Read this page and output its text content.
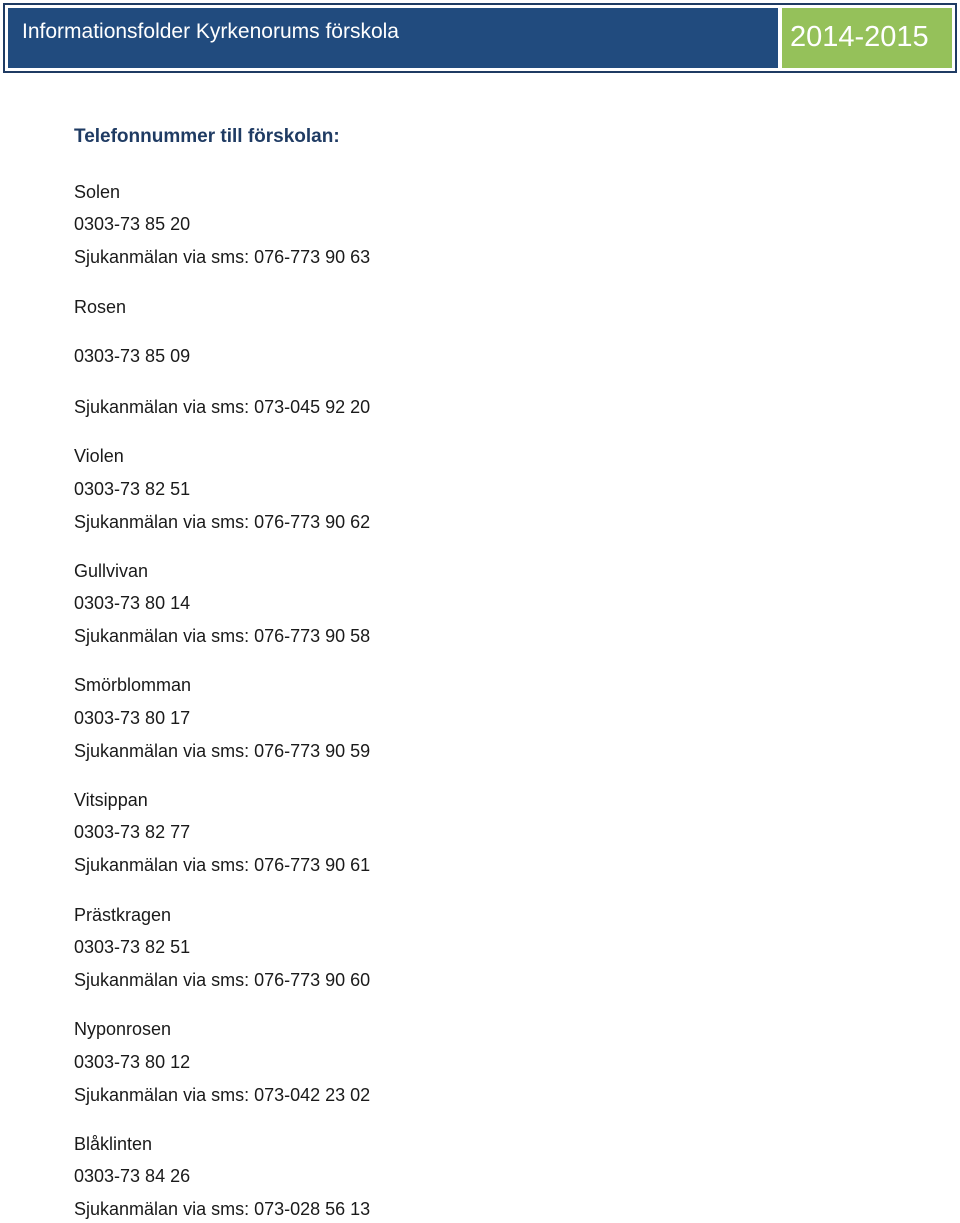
Informationsfolder Kyrkenorums förskola	2014-2015
Telefonnummer till förskolan:
Solen
0303-73 85 20
Sjukanmälan via sms: 076-773 90 63
Rosen
0303-73 85 09
Sjukanmälan via sms: 073-045 92 20
Violen
0303-73 82 51
Sjukanmälan via sms: 076-773 90 62
Gullvivan
0303-73 80 14
Sjukanmälan via sms: 076-773 90 58
Smörblomman
0303-73 80 17
Sjukanmälan via sms: 076-773 90 59
Vitsippan
0303-73 82 77
Sjukanmälan via sms: 076-773 90 61
Prästkragen
0303-73 82 51
Sjukanmälan via sms: 076-773 90 60
Nyponrosen
0303-73 80 12
Sjukanmälan via sms: 073-042 23 02
Blåklinten
0303-73 84 26
Sjukanmälan via sms: 073-028 56 13
